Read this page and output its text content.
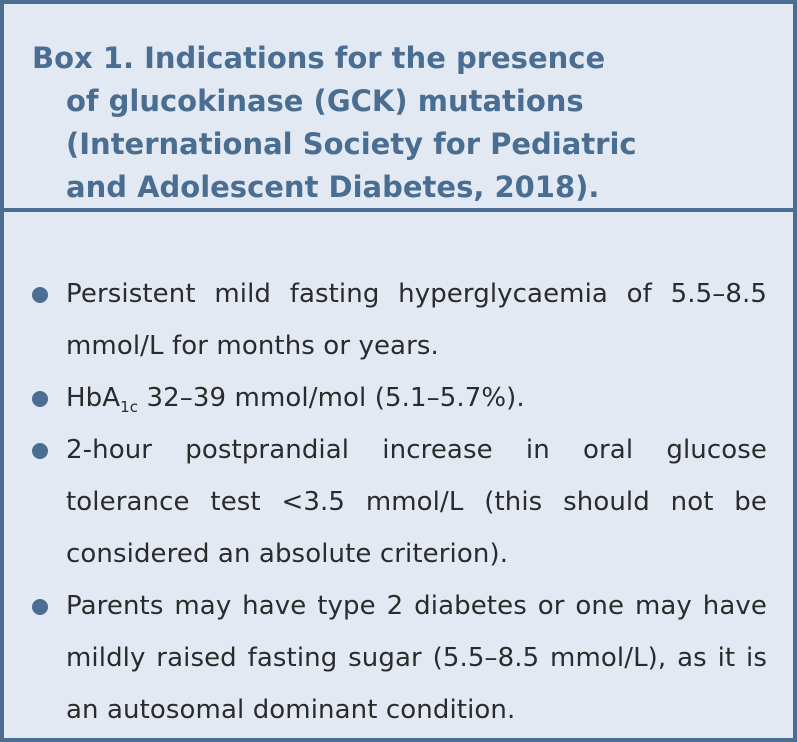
Box 1. Indications for the presence
of glucokinase (GCK) mutations
(International Society for Pediatric
and Adolescent Diabetes, 2018).
Persistent mild fasting hyperglycaemia of 5.5–8.5 mmol/L for months or years.
HbA$_{1c}$ 32–39 mmol/mol (5.1–5.7%).
2-hour postprandial increase in oral glucose tolerance test <3.5 mmol/L (this should not be considered an absolute criterion).
Parents may have type 2 diabetes or one may have mildly raised fasting sugar (5.5–8.5 mmol/L), as it is an autosomal dominant condition.
